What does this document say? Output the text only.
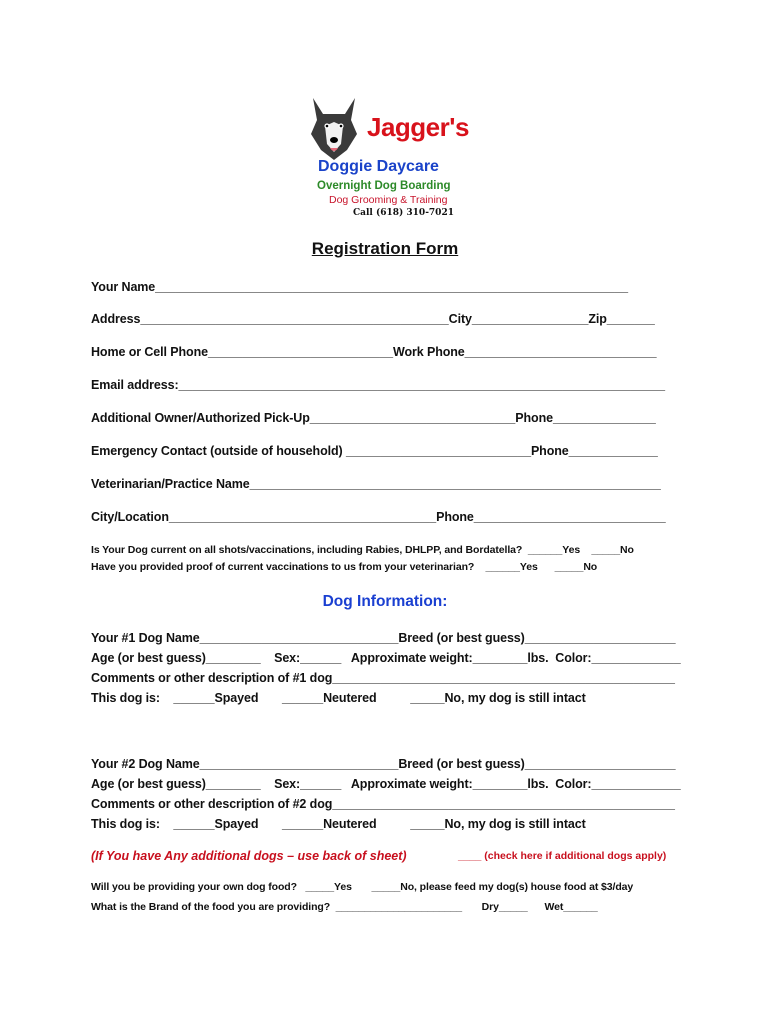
Jagger's
Doggie Daycare
Overnight Dog Boarding
Dog Grooming & Training
Call (618) 310-7021
Registration Form
Your Name_____________________________________________________________________
Address_____________________________________________City_________________Zip_______
Home or Cell Phone___________________________Work Phone____________________________
Email address:_______________________________________________________________________
Additional Owner/Authorized Pick-Up______________________________Phone_______________
Emergency Contact (outside of household) ___________________________Phone_____________
Veterinarian/Practice Name____________________________________________________________
City/Location_______________________________________Phone____________________________
Is Your Dog current on all shots/vaccinations, including Rabies, DHLPP, and Bordatella?  ______Yes    _____No
Have you provided proof of current vaccinations to us from your veterinarian?    ______Yes      _____No
Dog Information:
Your #1 Dog Name_____________________________Breed (or best guess)______________________
Age (or best guess)________    Sex:______   Approximate weight:________lbs.  Color:_____________
Comments or other description of #1 dog__________________________________________________
This dog is:    ______Spayed       ______Neutered          _____No, my dog is still intact
Your #2 Dog Name_____________________________Breed (or best guess)______________________
Age (or best guess)________    Sex:______   Approximate weight:________lbs.  Color:_____________
Comments or other description of #2 dog__________________________________________________
This dog is:    ______Spayed       ______Neutered          _____No, my dog is still intact
(If You have Any additional dogs – use back of sheet)	____ (check here if additional dogs apply)
Will you be providing your own dog food?   _____Yes       _____No, please feed my dog(s) house food at $3/day
What is the Brand of the food you are providing?  ______________________       Dry_____      Wet______
